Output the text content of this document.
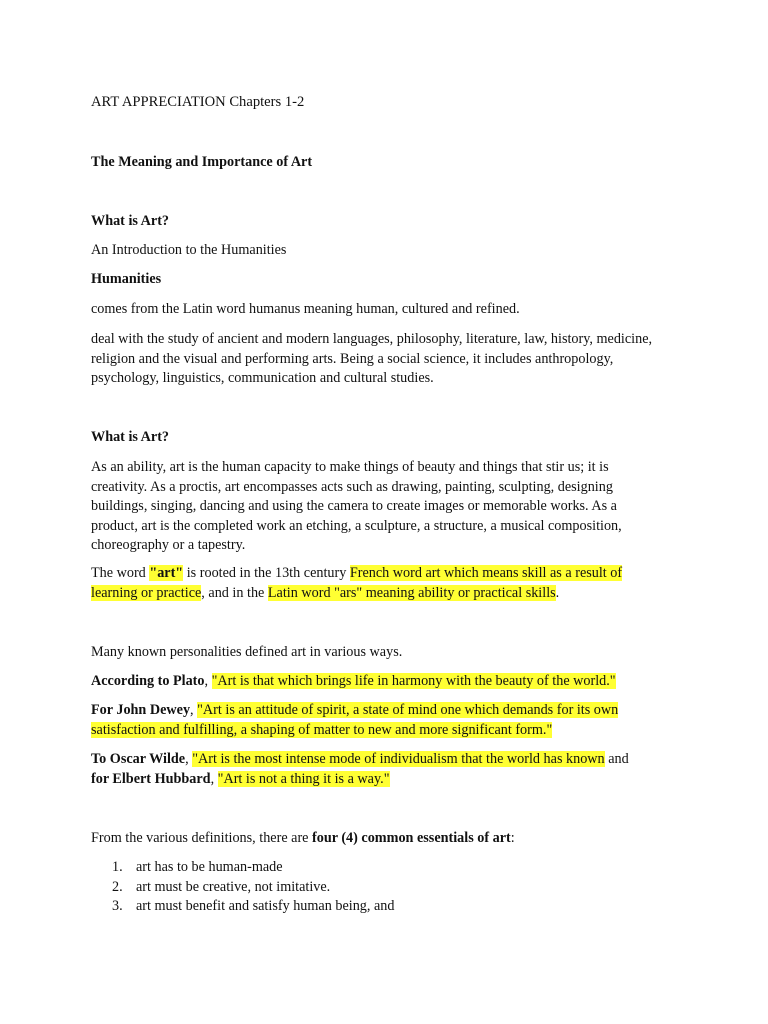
ART APPRECIATION Chapters 1-2
The Meaning and Importance of Art
What is Art?
An Introduction to the Humanities
Humanities
comes from the Latin word humanus meaning human, cultured and refined.
deal with the study of ancient and modern languages, philosophy, literature, law, history, medicine, religion and the visual and performing arts. Being a social science, it includes anthropology, psychology, linguistics, communication and cultural studies.
What is Art?
As an ability, art is the human capacity to make things of beauty and things that stir us; it is creativity. As a proctis, art encompasses acts such as drawing, painting, sculpting, designing buildings, singing, dancing and using the camera to create images or memorable works. As a product, art is the completed work an etching, a sculpture, a structure, a musical composition, choreography or a tapestry.
The word "art" is rooted in the 13th century French word art which means skill as a result of learning or practice, and in the Latin word "ars" meaning ability or practical skills.
Many known personalities defined art in various ways.
According to Plato, "Art is that which brings life in harmony with the beauty of the world."
For John Dewey, "Art is an attitude of spirit, a state of mind one which demands for its own satisfaction and fulfilling, a shaping of matter to new and more significant form."
To Oscar Wilde, "Art is the most intense mode of individualism that the world has known and
for Elbert Hubbard, "Art is not a thing it is a way."
From the various definitions, there are four (4) common essentials of art:
1. art has to be human-made
2. art must be creative, not imitative.
3. art must benefit and satisfy human being, and
